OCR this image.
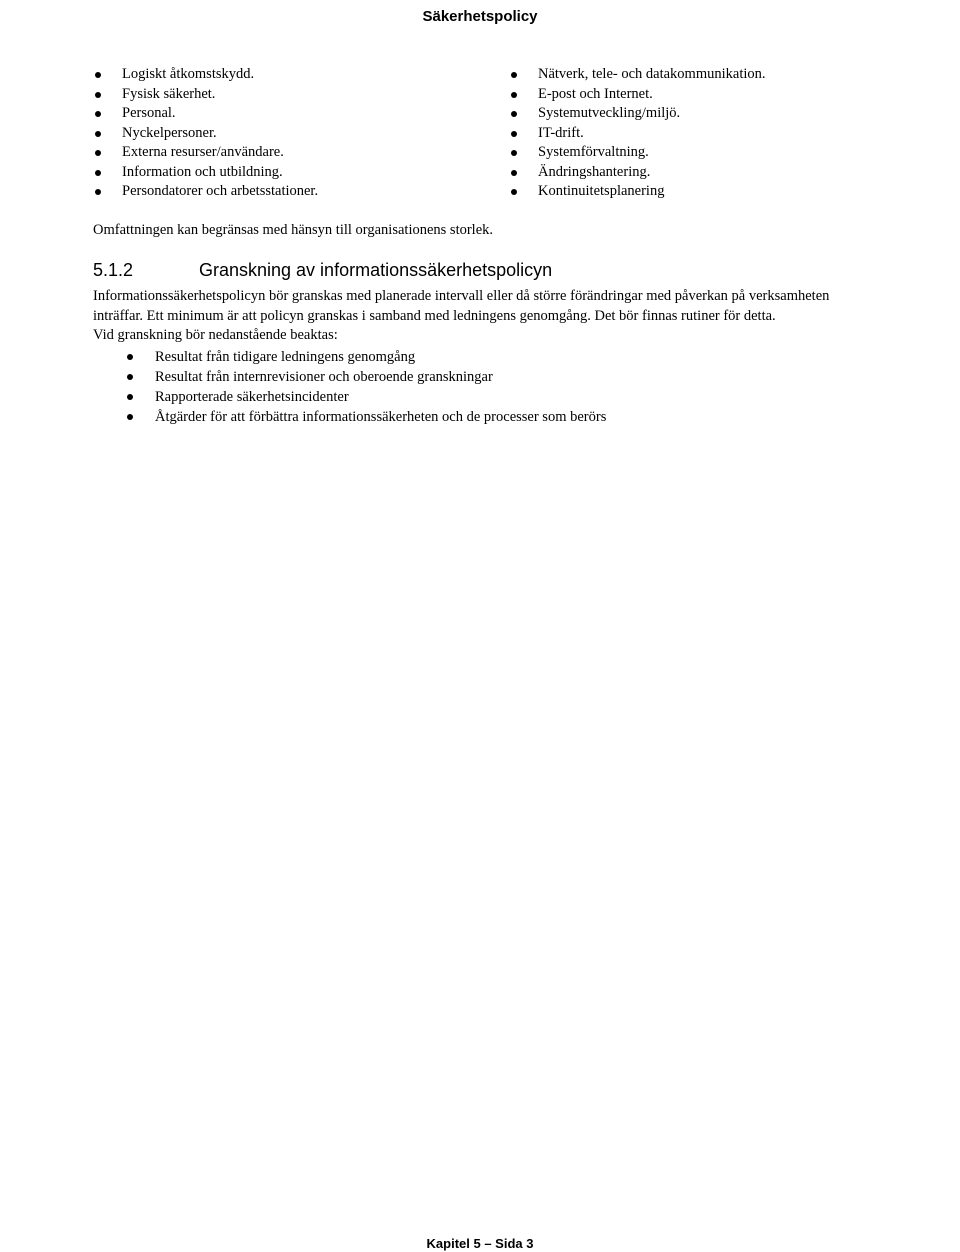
Säkerhetspolicy
Logiskt åtkomstskydd.
Fysisk säkerhet.
Personal.
Nyckelpersoner.
Externa resurser/användare.
Information och utbildning.
Persondatorer och arbetsstationer.
Nätverk, tele- och datakommunikation.
E-post och Internet.
Systemutveckling/miljö.
IT-drift.
Systemförvaltning.
Ändringshantering.
Kontinuitetsplanering
Omfattningen kan begränsas med hänsyn till organisationens storlek.
5.1.2	Granskning av informationssäkerhetspolicyn

Informationssäkerhetspolicyn bör granskas med planerade intervall eller då större förändringar med påverkan på verksamheten inträffar. Ett minimum är att policyn granskas i samband med ledningens genomgång. Det bör finnas rutiner för detta.

Vid granskning bör nedanstående beaktas:

Resultat från tidigare ledningens genomgång
Resultat från internrevisioner och oberoende granskningar
Rapporterade säkerhetsincidenter
Åtgärder för att förbättra informationssäkerheten och de processer som berörs
Kapitel 5 – Sida 3
